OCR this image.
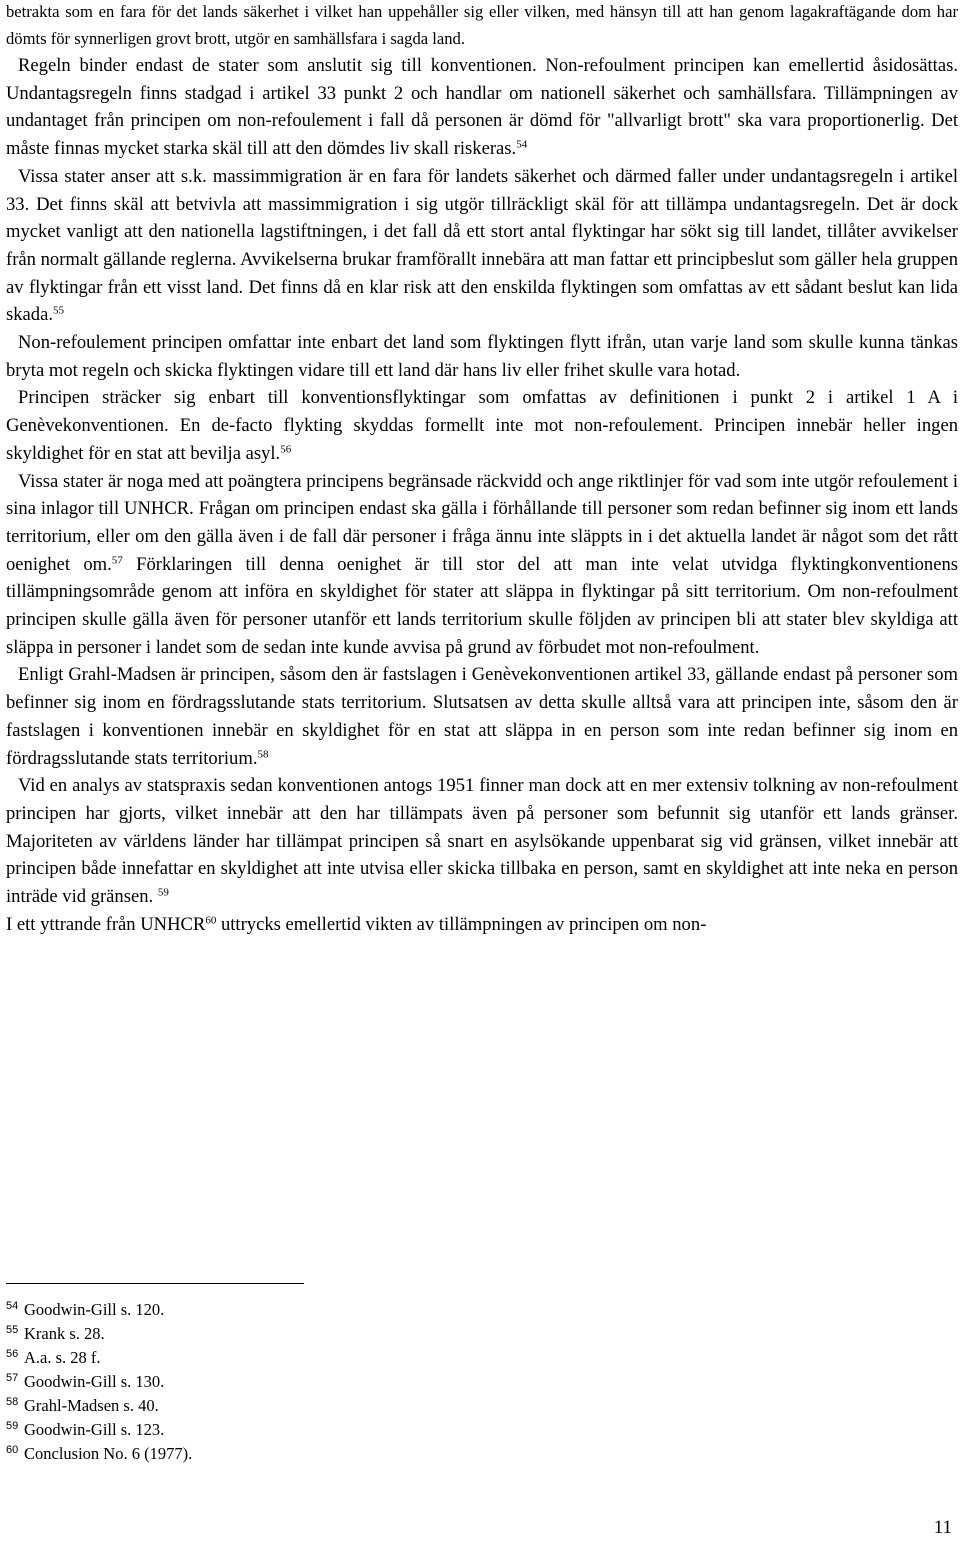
betrakta som en fara för det lands säkerhet i vilket han uppehåller sig eller vilken, med hänsyn till att han genom lagakraftägande dom har dömts för synnerligen grovt brott, utgör en samhällsfara i sagda land.

Regeln binder endast de stater som anslutit sig till konventionen. Non-refoulment principen kan emellertid åsidosättas. Undantagsregeln finns stadgad i artikel 33 punkt 2 och handlar om nationell säkerhet och samhällsfara. Tillämpningen av undantaget från principen om non-refoulement i fall då personen är dömd för "allvarligt brott" ska vara proportionerlig. Det måste finnas mycket starka skäl till att den dömdes liv skall riskeras.$^{54}$

Vissa stater anser att s.k. massimmigration är en fara för landets säkerhet och därmed faller under undantagsregeln i artikel 33. Det finns skäl att betvivla att massimmigration i sig utgör tillräckligt skäl för att tillämpa undantagsregeln. Det är dock mycket vanligt att den nationella lagstiftningen, i det fall då ett stort antal flyktingar har sökt sig till landet, tillåter avvikelser från normalt gällande reglerna. Avvikelserna brukar framförallt innebära att man fattar ett principbeslut som gäller hela gruppen av flyktingar från ett visst land. Det finns då en klar risk att den enskilda flyktingen som omfattas av ett sådant beslut kan lida skada.$^{55}$

Non-refoulement principen omfattar inte enbart det land som flyktingen flytt ifrån, utan varje land som skulle kunna tänkas bryta mot regeln och skicka flyktingen vidare till ett land där hans liv eller frihet skulle vara hotad.

Principen sträcker sig enbart till konventionsflyktingar som omfattas av definitionen i punkt 2 i artikel 1 A i Genèvekonventionen. En de-facto flykting skyddas formellt inte mot non-refoulement. Principen innebär heller ingen skyldighet för en stat att bevilja asyl.$^{56}$

Vissa stater är noga med att poängtera principens begränsade räckvidd och ange riktlinjer för vad som inte utgör refoulement i sina inlagor till UNHCR. Frågan om principen endast ska gälla i förhållande till personer som redan befinner sig inom ett lands territorium, eller om den gälla även i de fall där personer i fråga ännu inte släppts in i det aktuella landet är något som det rått oenighet om.$^{57}$ Förklaringen till denna oenighet är till stor del att man inte velat utvidga flyktingkonventionens tillämpningsområde genom att införa en skyldighet för stater att släppa in flyktingar på sitt territorium. Om non-refoulment principen skulle gälla även för personer utanför ett lands territorium skulle följden av principen bli att stater blev skyldiga att släppa in personer i landet som de sedan inte kunde avvisa på grund av förbudet mot non-refoulment.

Enligt Grahl-Madsen är principen, såsom den är fastslagen i Genèvekonventionen artikel 33, gällande endast på personer som befinner sig inom en fördragsslutande stats territorium. Slutsatsen av detta skulle alltså vara att principen inte, såsom den är fastslagen i konventionen innebär en skyldighet för en stat att släppa in en person som inte redan befinner sig inom en fördragsslutande stats territorium.$^{58}$

Vid en analys av statspraxis sedan konventionen antogs 1951 finner man dock att en mer extensiv tolkning av non-refoulment principen har gjorts, vilket innebär att den har tillämpats även på personer som befunnit sig utanför ett lands gränser. Majoriteten av världens länder har tillämpat principen så snart en asylsökande uppenbarat sig vid gränsen, vilket innebär att principen både innefattar en skyldighet att inte utvisa eller skicka tillbaka en person, samt en skyldighet att inte neka en person inträde vid gränsen. $^{59}$

I ett yttrande från UNHCR$^{60}$ uttrycks emellertid vikten av tillämpningen av principen om non-

54 Goodwin-Gill s. 120.
55 Krank s. 28.
56 A.a. s. 28 f.
57 Goodwin-Gill s. 130.
58 Grahl-Madsen s. 40.
59 Goodwin-Gill s. 123.
60 Conclusion No. 6 (1977).
11
